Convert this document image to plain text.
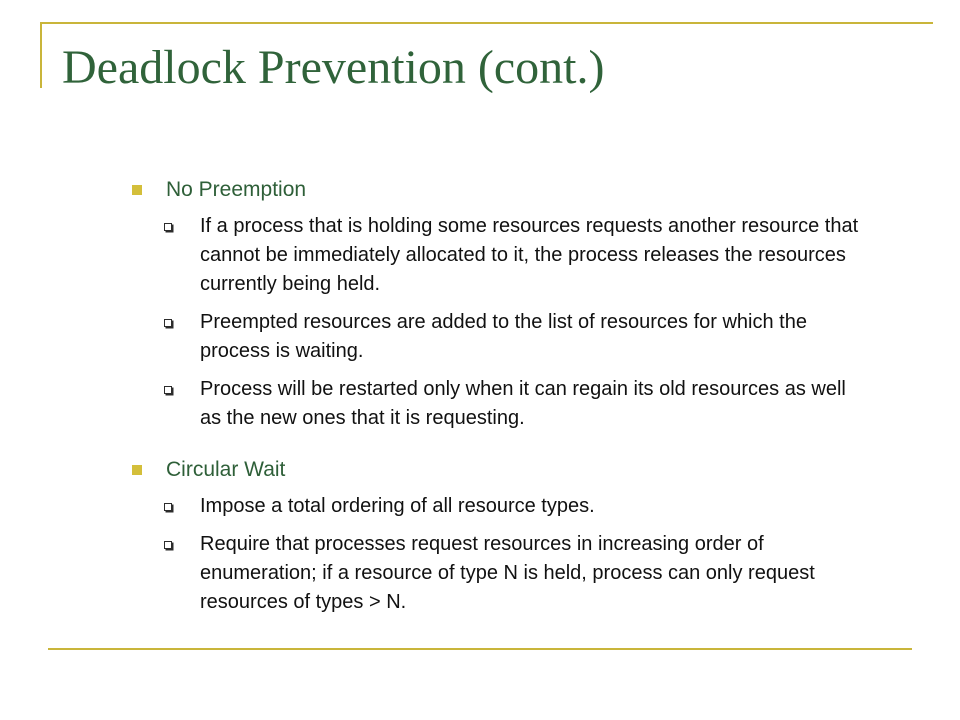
Deadlock Prevention (cont.)
No Preemption
If a process that is holding some resources requests another resource that cannot be immediately allocated to it, the process releases the resources currently being held.
Preempted resources are added to the list of resources for which the process is waiting.
Process will be restarted only when it can regain its old resources as well as the new ones that it is requesting.
Circular Wait
Impose a total ordering of all resource types.
Require that processes request resources in increasing order of enumeration; if a resource of type N is held, process can only request resources of types > N.
